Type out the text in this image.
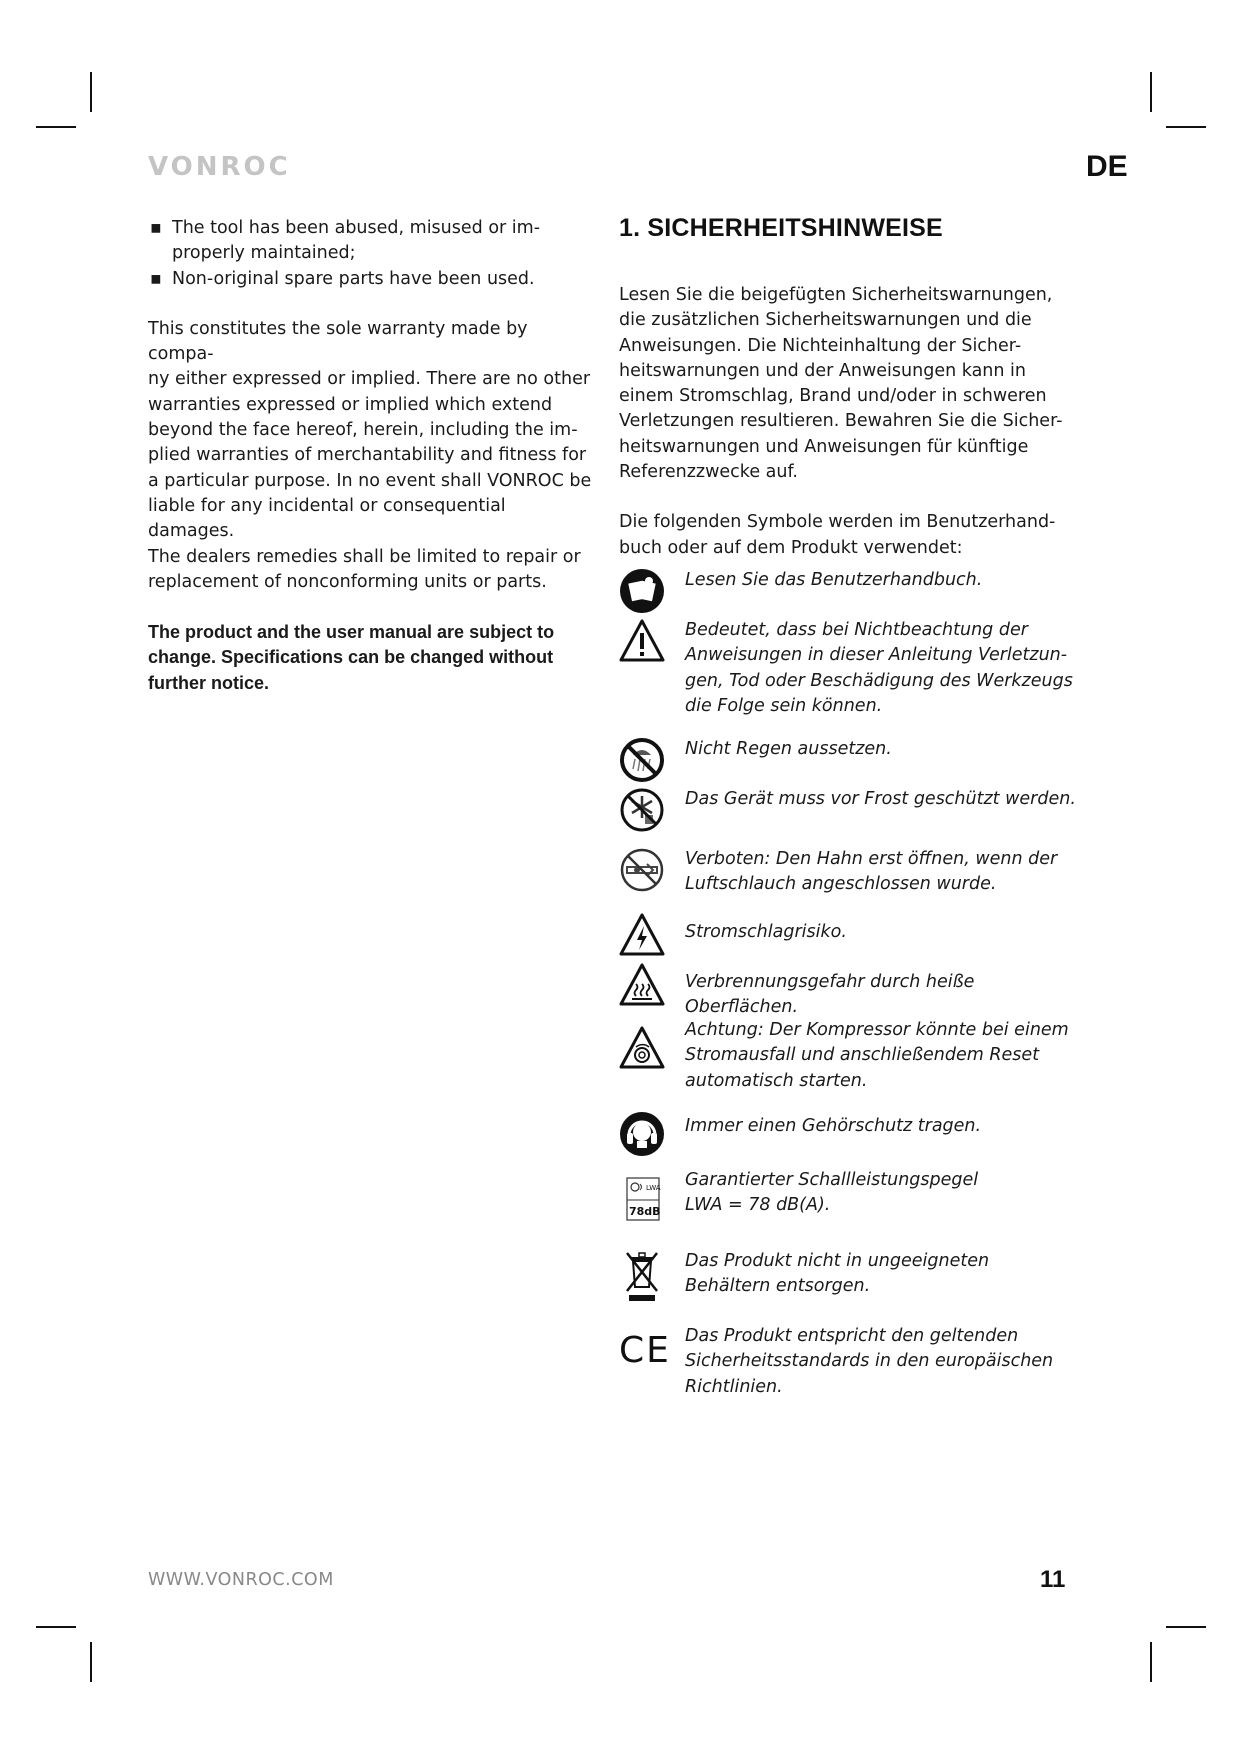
VONROC	DE
▪ The tool has been abused, misused or im-
properly maintained;
▪ Non-original spare parts have been used.
This constitutes the sole warranty made by compa-
ny either expressed or implied. There are no other
warranties expressed or implied which extend
beyond the face hereof, herein, including the im-
plied warranties of merchantability and fitness for
a particular purpose. In no event shall VONROC be
liable for any incidental or consequential damages.
The dealers remedies shall be limited to repair or
replacement of nonconforming units or parts.
The product and the user manual are subject to
change. Specifications can be changed without
further notice.
1. SICHERHEITSHINWEISE
Lesen Sie die beigefügten Sicherheitswarnungen,
die zusätzlichen Sicherheitswarnungen und die
Anweisungen. Die Nichteinhaltung der Sicher-
heitswarnungen und der Anweisungen kann in
einem Stromschlag, Brand und/oder in schweren
Verletzungen resultieren. Bewahren Sie die Sicher-
heitswarnungen und Anweisungen für künftige
Referenzzwecke auf.
Die folgenden Symbole werden im Benutzerhand-
buch oder auf dem Produkt verwendet:
Lesen Sie das Benutzerhandbuch.
Bedeutet, dass bei Nichtbeachtung der
Anweisungen in dieser Anleitung Verletzun-
gen, Tod oder Beschädigung des Werkzeugs
die Folge sein können.
Nicht Regen aussetzen.
Das Gerät muss vor Frost geschützt werden.
Verboten: Den Hahn erst öffnen, wenn der
Luftschlauch angeschlossen wurde.
Stromschlagrisiko.
Verbrennungsgefahr durch heiße Oberflächen.
Achtung: Der Kompressor könnte bei einem
Stromausfall und anschließendem Reset
automatisch starten.
Immer einen Gehörschutz tragen.
LWA
78dB
Garantierter Schallleistungspegel
LWA = 78 dB(A).
Das Produkt nicht in ungeeigneten
Behältern entsorgen.
CE Das Produkt entspricht den geltenden
Sicherheitsstandards in den europäischen
Richtlinien.
WWW.VONROC.COM	11
